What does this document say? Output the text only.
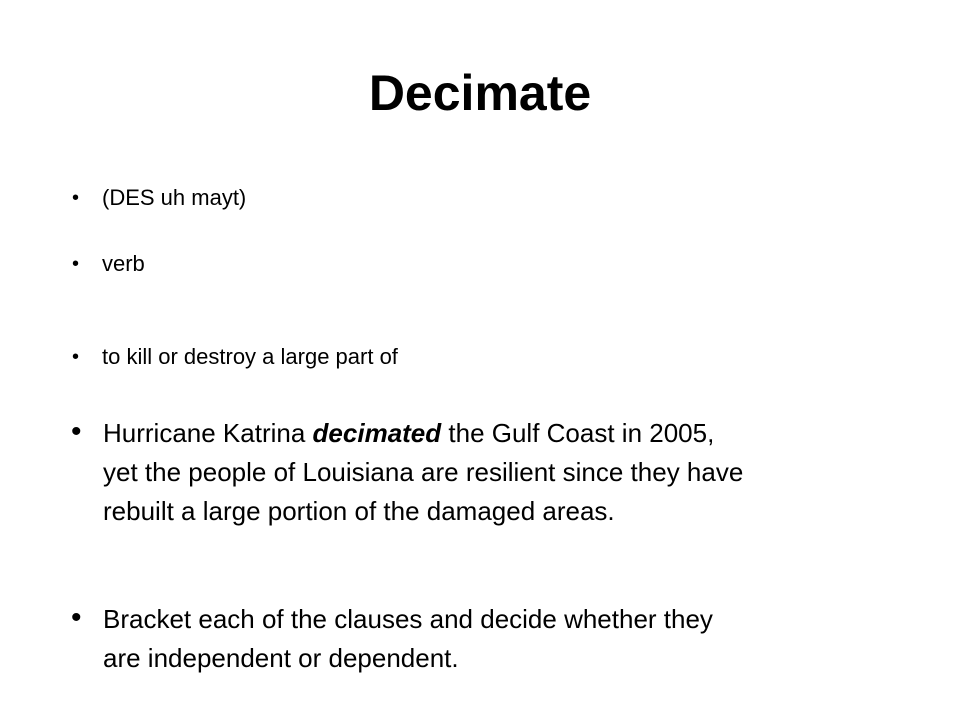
Decimate
•	(DES uh mayt)
•	verb
•	to kill or destroy a large part of
• Hurricane Katrina decimated the Gulf Coast in 2005,
yet the people of Louisiana are resilient since they have
rebuilt a large portion of the damaged areas.
• Bracket each of the clauses and decide whether they
are independent or dependent.
